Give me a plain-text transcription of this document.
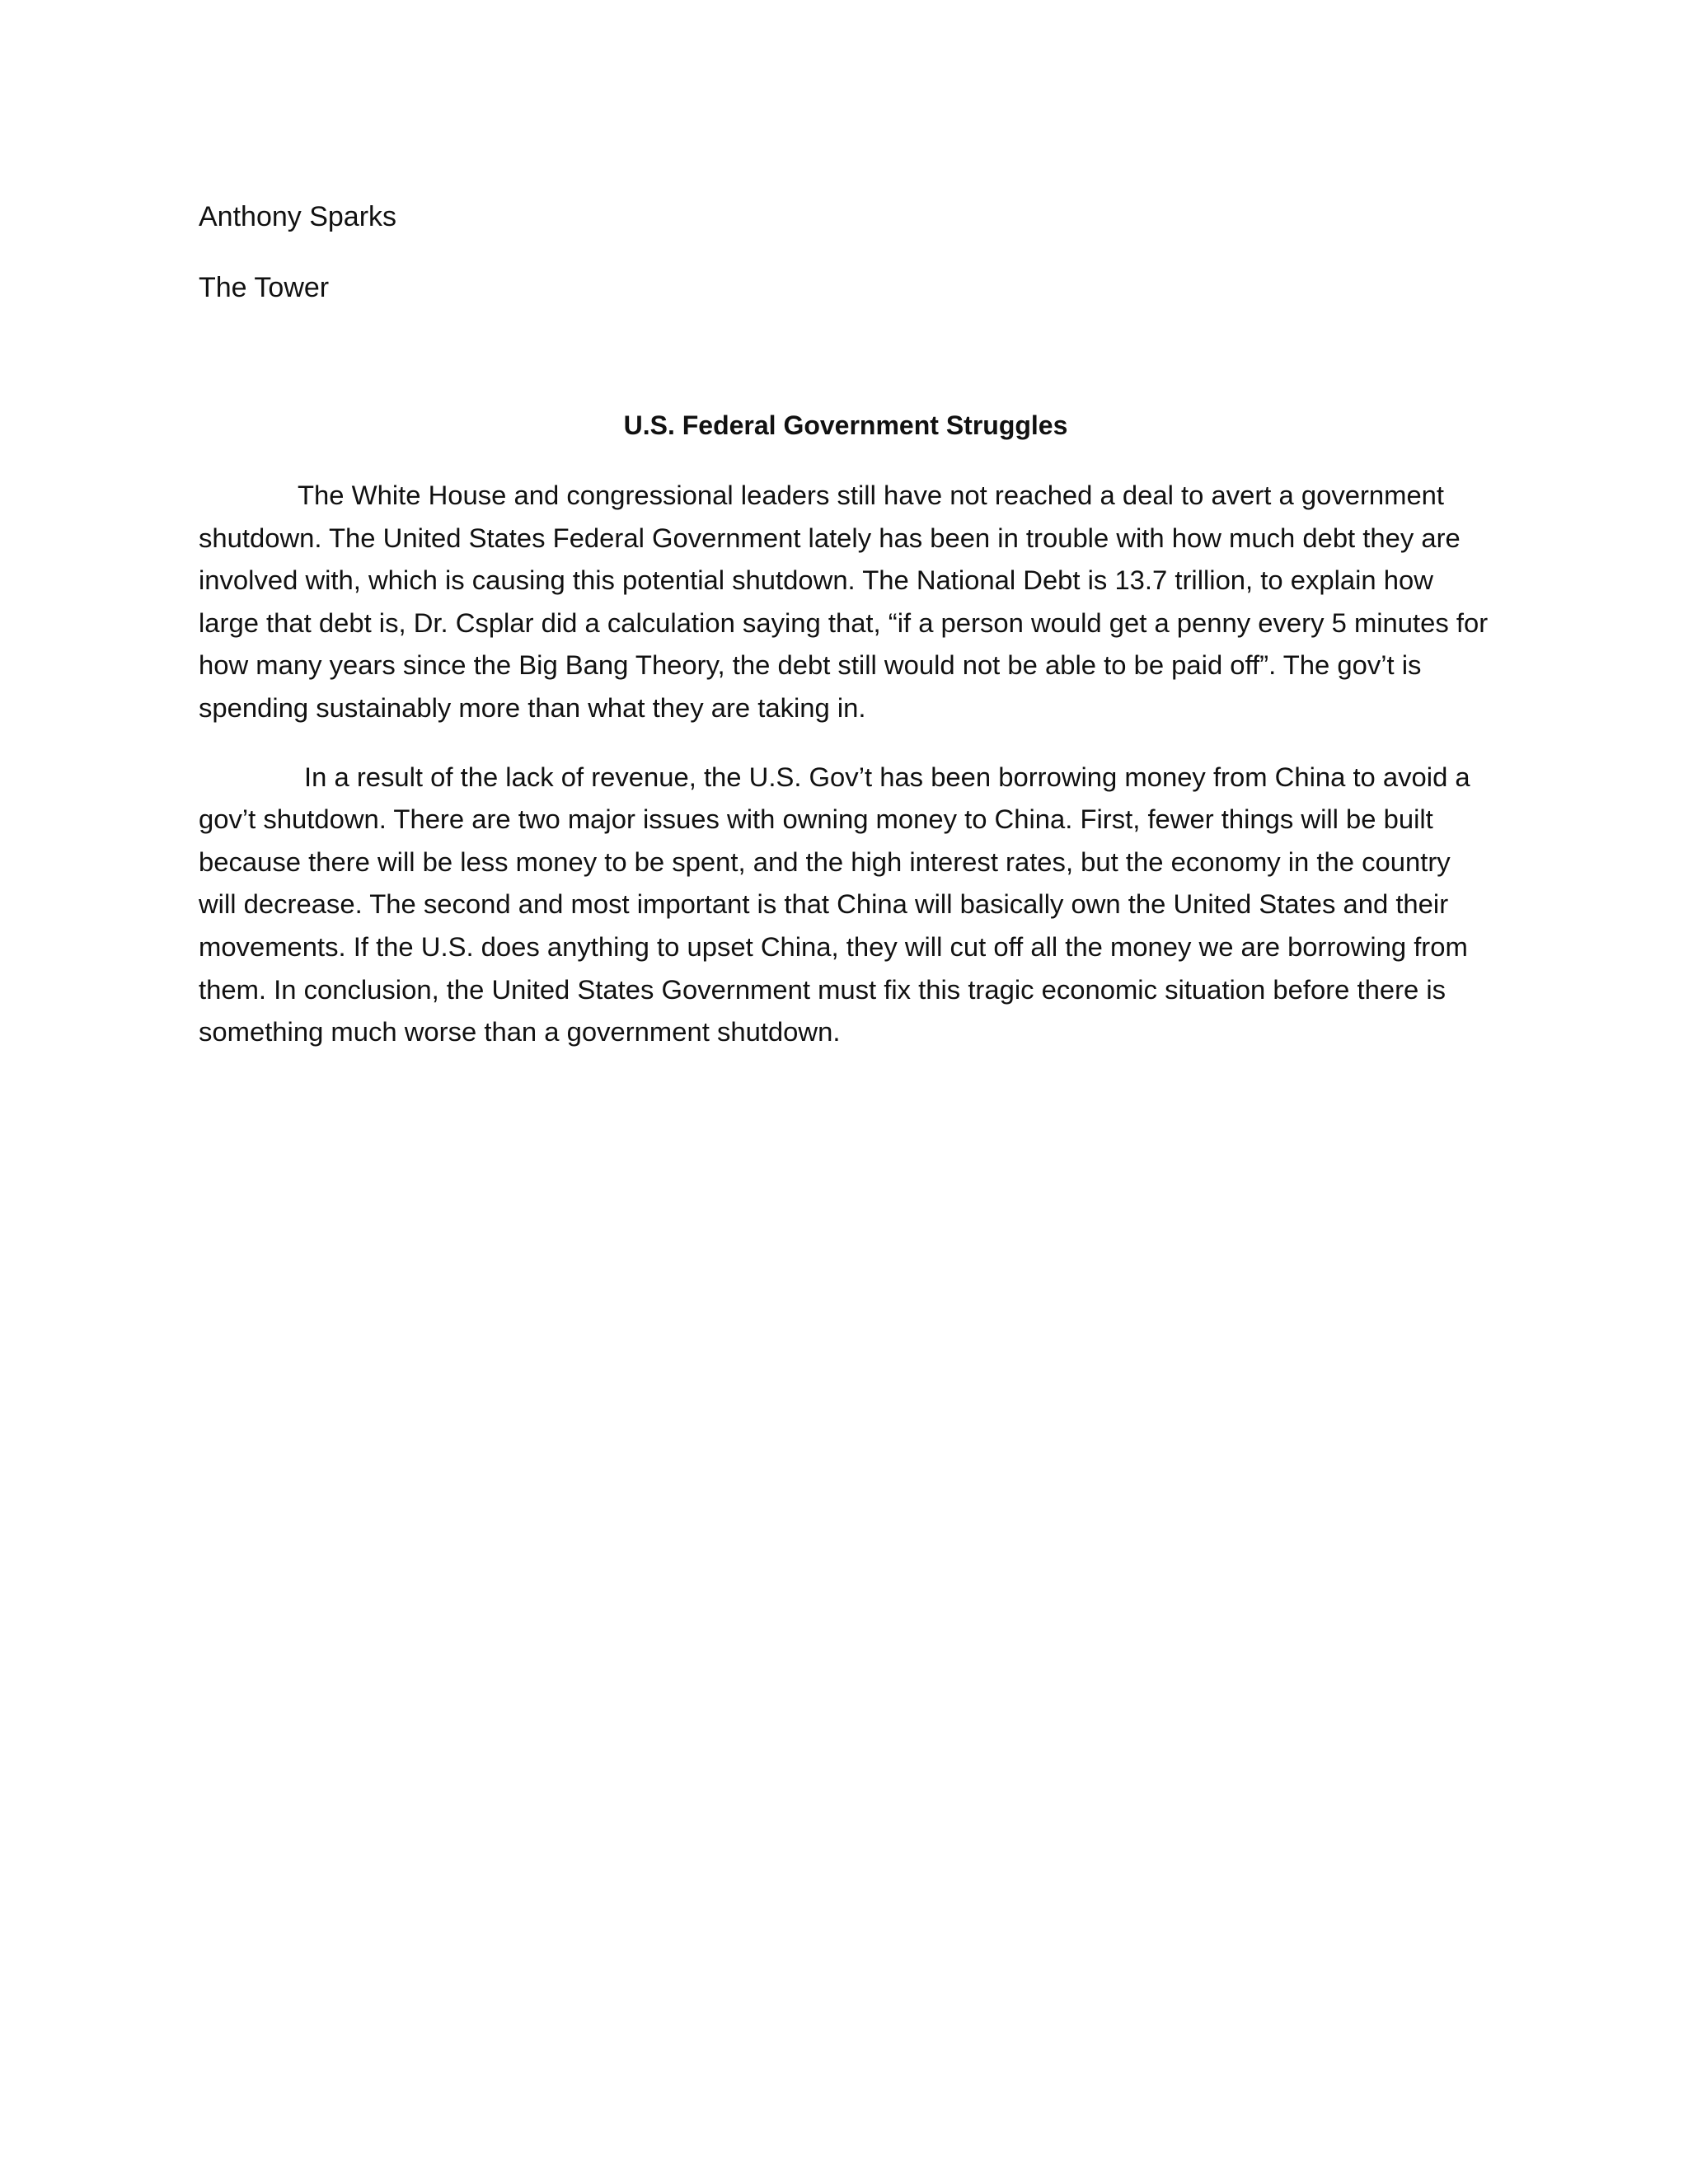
Anthony Sparks

The Tower

U.S. Federal Government Struggles

The White House and congressional leaders still have not reached a deal to avert a government shutdown. The United States Federal Government lately has been in trouble with how much debt they are involved with, which is causing this potential shutdown. The National Debt is 13.7 trillion, to explain how large that debt is, Dr. Csplar did a calculation saying that, “if a person would get a penny every 5 minutes for how many years since the Big Bang Theory, the debt still would not be able to be paid off”. The gov’t is spending sustainably more than what they are taking in.

In a result of the lack of revenue, the U.S. Gov’t has been borrowing money from China to avoid a gov’t shutdown. There are two major issues with owning money to China. First, fewer things will be built because there will be less money to be spent, and the high interest rates, but the economy in the country will decrease. The second and most important is that China will basically own the United States and their movements. If the U.S. does anything to upset China, they will cut off all the money we are borrowing from them. In conclusion, the United States Government must fix this tragic economic situation before there is something much worse than a government shutdown.
